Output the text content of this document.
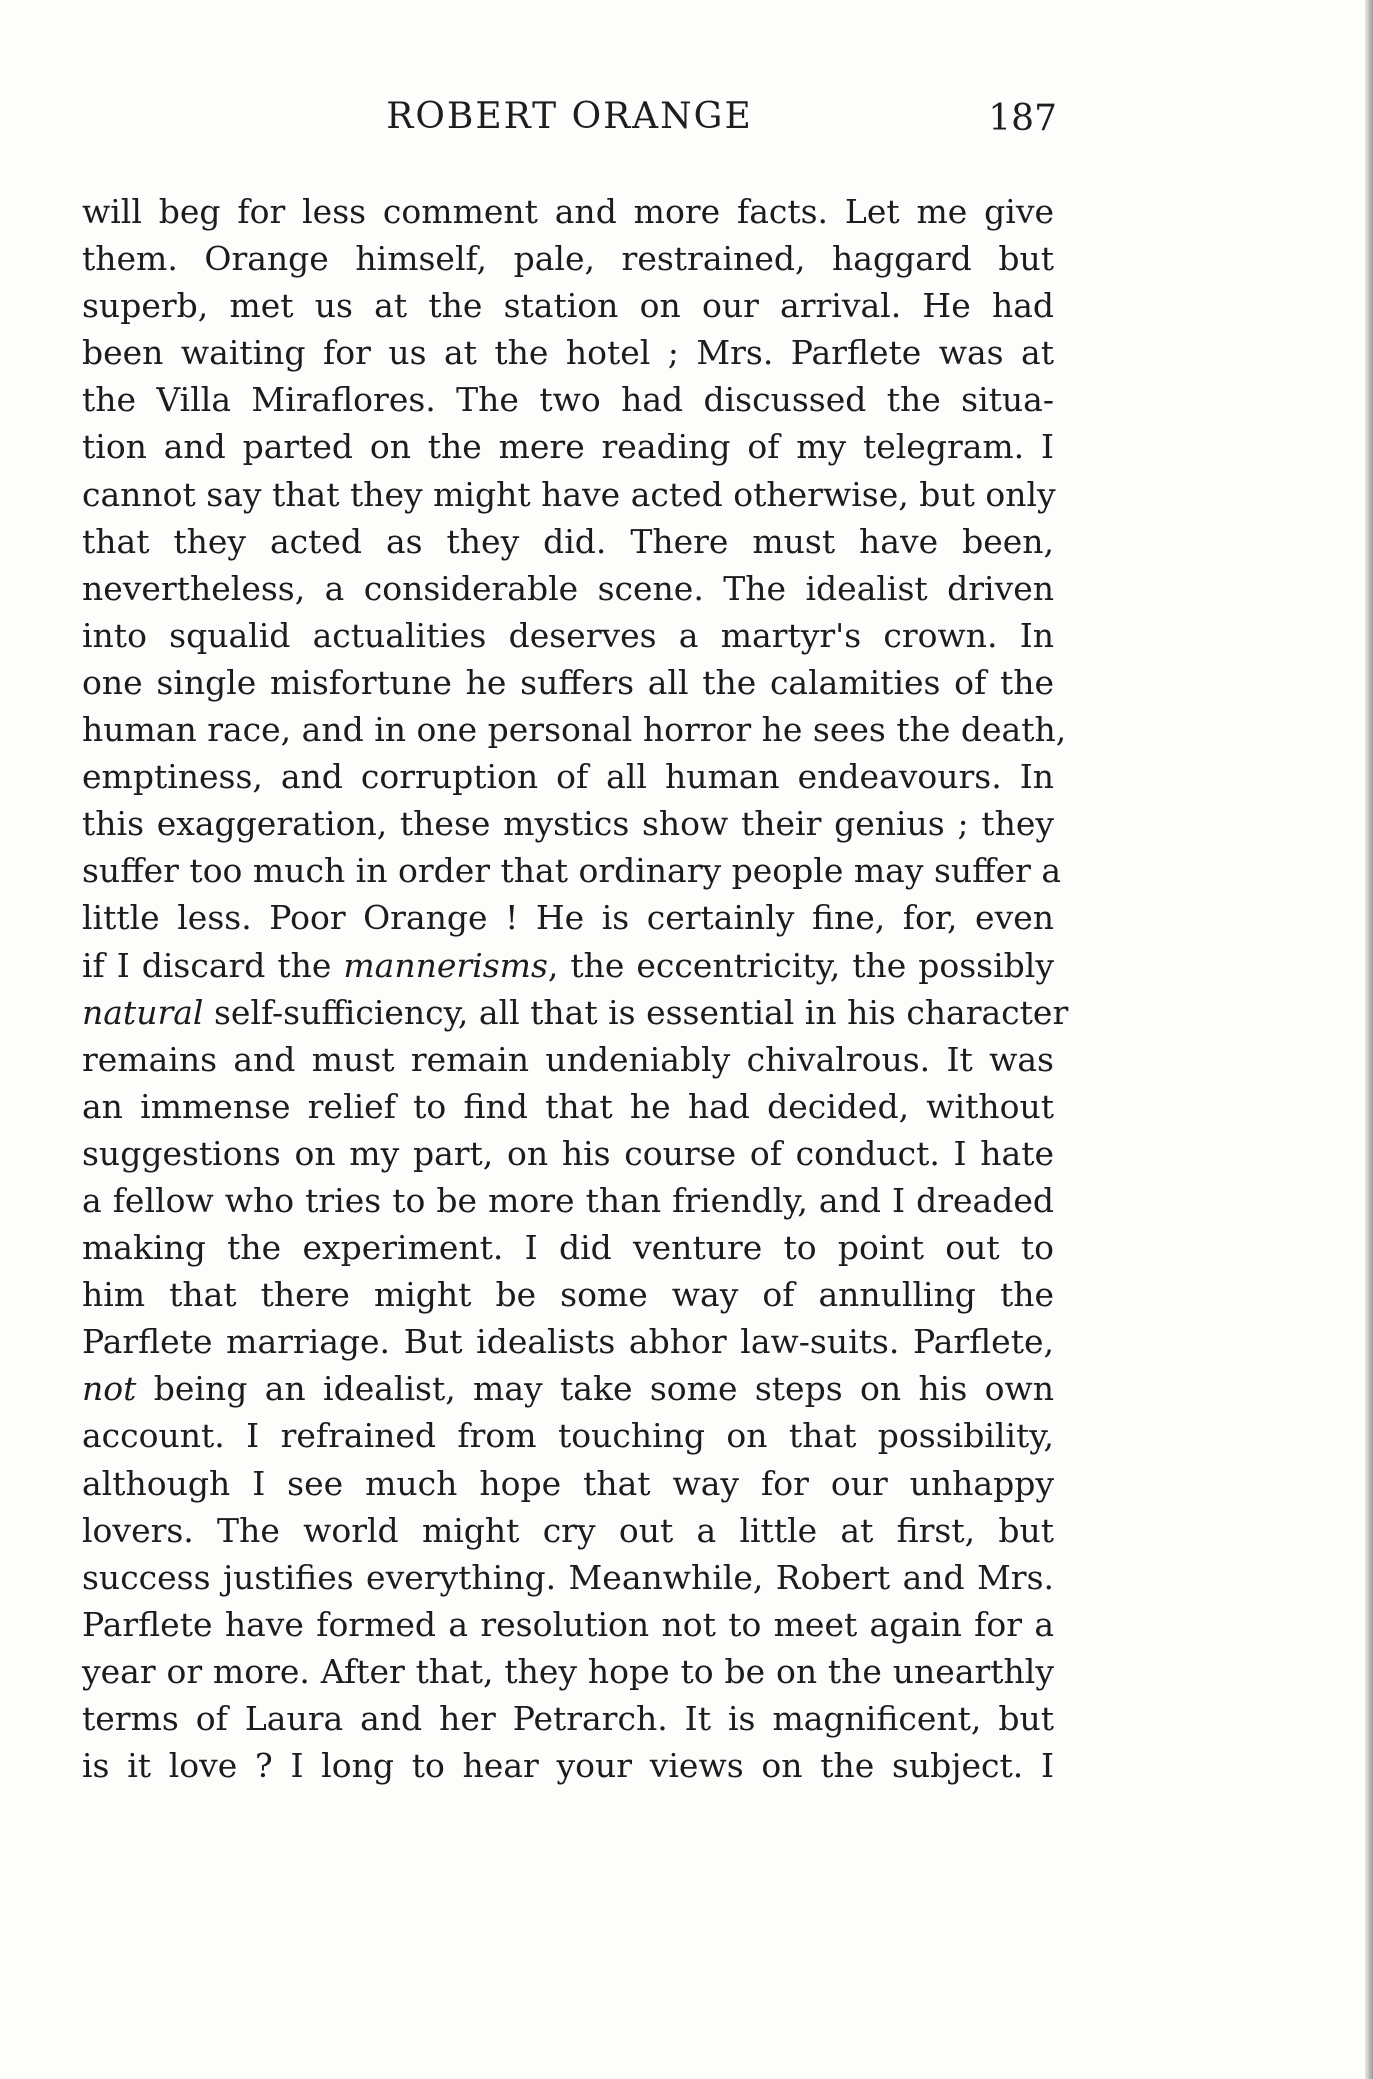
ROBERT ORANGE	187
will beg for less comment and more facts. Let me give
them. Orange himself, pale, restrained, haggard but
superb, met us at the station on our arrival. He had
been waiting for us at the hotel ; Mrs. Parflete was at
the Villa Miraflores. The two had discussed the situa-
tion and parted on the mere reading of my telegram. I
cannot say that they might have acted otherwise, but only
that they acted as they did. There must have been,
nevertheless, a considerable scene. The idealist driven
into squalid actualities deserves a martyr's crown. In
one single misfortune he suffers all the calamities of the
human race, and in one personal horror he sees the death,
emptiness, and corruption of all human endeavours. In
this exaggeration, these mystics show their genius ; they
suffer too much in order that ordinary people may suffer a
little less. Poor Orange ! He is certainly fine, for, even
if I discard the mannerisms, the eccentricity, the possibly
natural self-sufficiency, all that is essential in his character
remains and must remain undeniably chivalrous. It was
an immense relief to find that he had decided, without
suggestions on my part, on his course of conduct. I hate
a fellow who tries to be more than friendly, and I dreaded
making the experiment. I did venture to point out to
him that there might be some way of annulling the
Parflete marriage. But idealists abhor law-suits. Parflete,
not being an idealist, may take some steps on his own
account. I refrained from touching on that possibility,
although I see much hope that way for our unhappy
lovers. The world might cry out a little at first, but
success justifies everything. Meanwhile, Robert and Mrs.
Parflete have formed a resolution not to meet again for a
year or more. After that, they hope to be on the unearthly
terms of Laura and her Petrarch. It is magnificent, but
is it love ? I long to hear your views on the subject. I
